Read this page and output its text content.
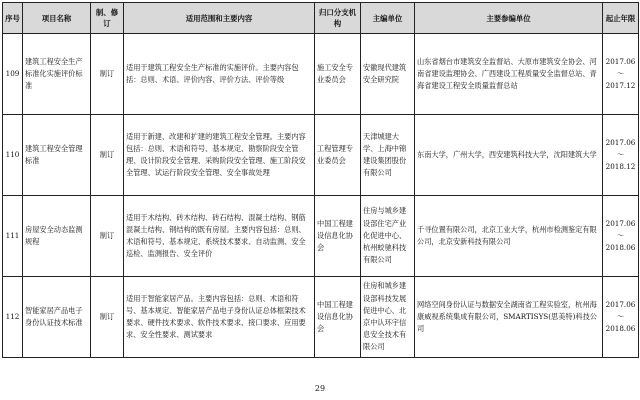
序号	项目名称	制、修订	适用范围和主要内容	归口分支机构	主编单位	主要参编单位	起止年限
109	建筑工程安全生产标准化实施评价标准	制订	适用于建筑工程安全生产标准的实施评价。主要内容包括：总则、术语、评价内容、评价方法、评价等级	施工安全专业委员会	安徽现代建筑安全研究院	山东省烟台市建筑安全监督站、大原市建筑安全协会、河南省建设监理协会、广西建设工程质量安全监督总站、青海省建设工程安全质量监督总站	2017.06
～
2017.12

110	建筑工程安全管理标准	制订	适用于新建、改建和扩建的建筑工程安全管理。主要内容包括：总则、术语和符号、基本规定、勘察阶段安全管理、设计阶段安全管理、采购阶段安全管理、施工阶段安全管理、试运行阶段安全管理、安全事故处理	工程管理专业委员会	天津城建大学、上海中锦建设集团股份有限公司	东南大学，广州大学，西安建筑科技大学，沈阳建筑大学	2017.06
～
2018.12

111	房屋安全动态监测规程	制订	适用于木结构、砖木结构、砖石结构、混凝土结构、钢筋混凝土结构、钢结构的既有房屋。主要内容包括：总则、术语和符号、基本规定、系统技术要求、自动监测、安全巡检、监测报告、安全评价	中国工程建设信息化协会	住房与城乡建设部住宅产业化促进中心、杭州蛟驰科技有限公司	千寻位置有限公司，北京工业大学，杭州市检测鉴定有限公司，北京安新科技有限公司	2017.06
～
2018.06

112	智能家居产品电子身份认证技术标准	制订	适用于智能家居产品。主要内容包括：总则、术语和符号、基本规定、智能家居产品电子身份认证总体框架技术要求、硬件技术要求、软件技术要求、接口要求、应用要求、安全性要求、测试要求	中国工程建设信息化协会	住房和城乡建设部科技发展促进中心、北京中认环宇信息安全技术有限公司	网络空间身份认证与数据安全湖南省工程实验室，杭州海康威视系统集成有限公司，SMARTISYS(思美特)科技公司	2017.06
～
2018.06
29
